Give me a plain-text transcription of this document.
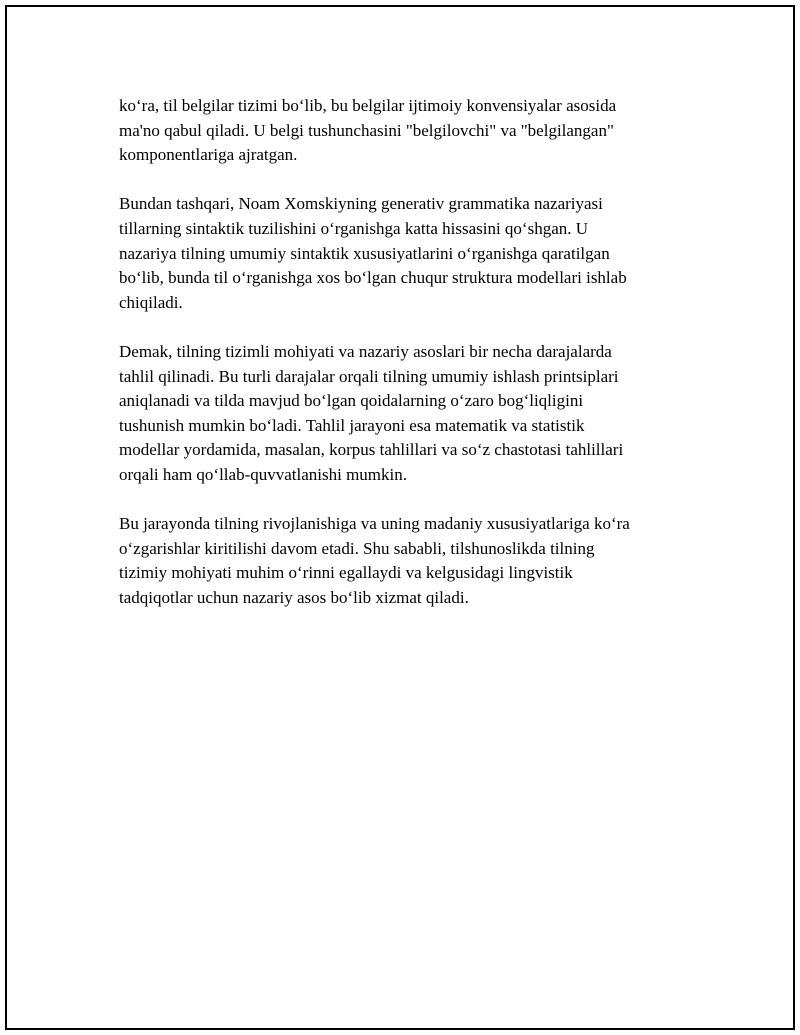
ko‘ra, til belgilar tizimi bo‘lib, bu belgilar ijtimoiy konvensiyalar asosida
ma'no qabul qiladi. U belgi tushunchasini "belgilovchi" va "belgilangan"
komponentlariga ajratgan.

Bundan tashqari, Noam Xomskiyning generativ grammatika nazariyasi
tillarning sintaktik tuzilishini o‘rganishga katta hissasini qo‘shgan. U
nazariya tilning umumiy sintaktik xususiyatlarini o‘rganishga qaratilgan
bo‘lib, bunda til o‘rganishga xos bo‘lgan chuqur struktura modellari ishlab
chiqiladi.

Demak, tilning tizimli mohiyati va nazariy asoslari bir necha darajalarda
tahlil qilinadi. Bu turli darajalar orqali tilning umumiy ishlash printsiplari
aniqlanadi va tilda mavjud bo‘lgan qoidalarning o‘zaro bog‘liqligini
tushunish mumkin bo‘ladi. Tahlil jarayoni esa matematik va statistik
modellar yordamida, masalan, korpus tahlillari va so‘z chastotasi tahlillari
orqali ham qo‘llab-quvvatlanishi mumkin.

Bu jarayonda tilning rivojlanishiga va uning madaniy xususiyatlariga ko‘ra
o‘zgarishlar kiritilishi davom etadi. Shu sababli, tilshunoslikda tilning
tizimiy mohiyati muhim o‘rinni egallaydi va kelgusidagi lingvistik
tadqiqotlar uchun nazariy asos bo‘lib xizmat qiladi.
